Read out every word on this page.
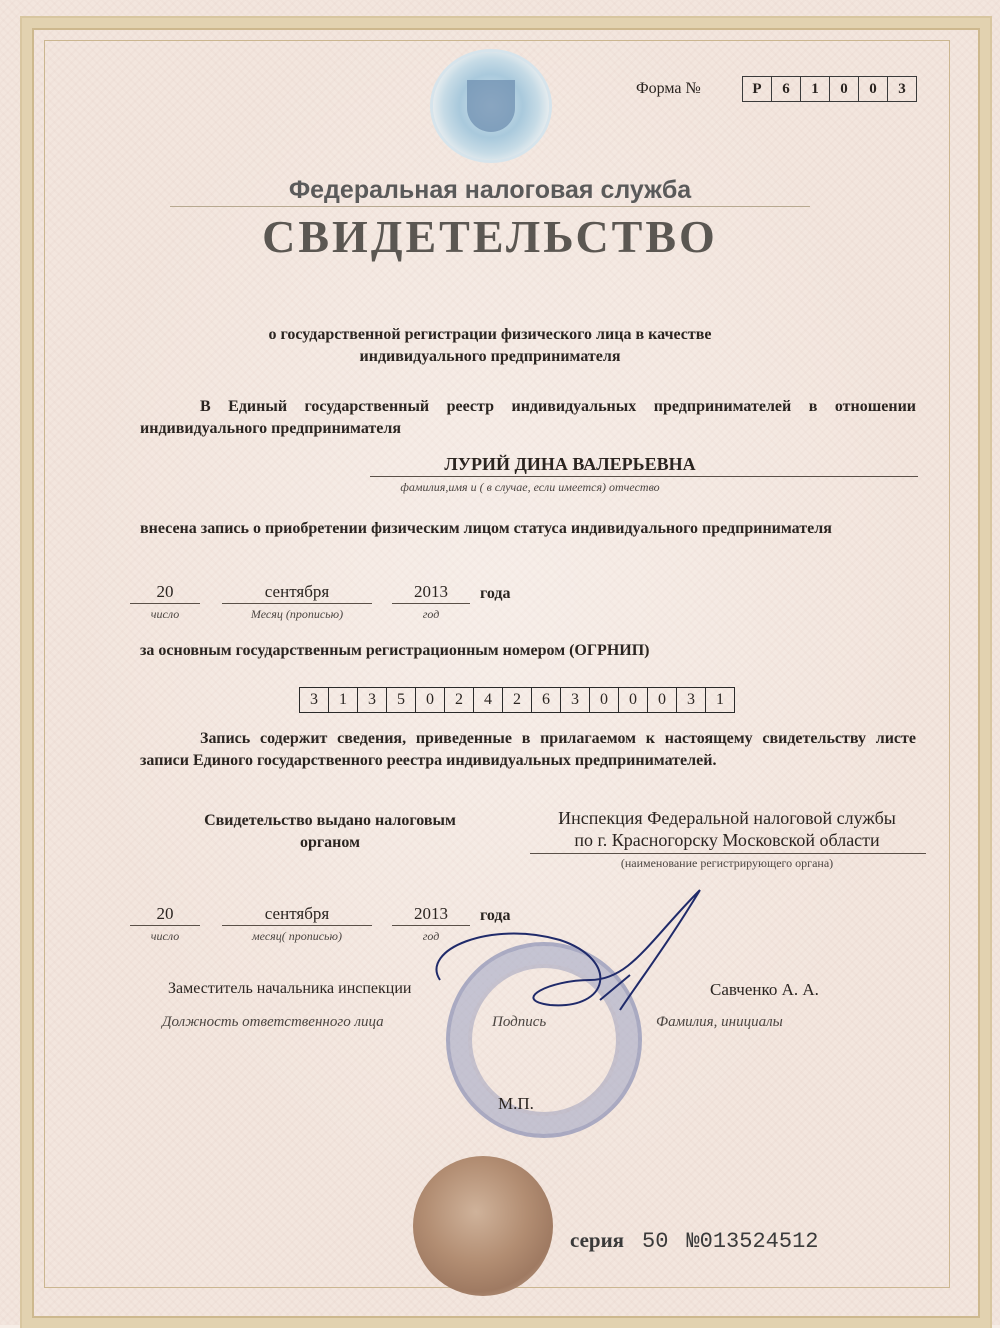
Форма №	Р	6	1	0	0	3
Федеральная налоговая служба
СВИДЕТЕЛЬСТВО
о государственной регистрации физического лица в качестве
индивидуального предпринимателя
В Единый государственный реестр индивидуальных предпринимателей в отношении индивидуального предпринимателя
ЛУРИЙ ДИНА ВАЛЕРЬЕВНА
фамилия,имя и ( в случае, если имеется) отчество
внесена запись о приобретении физическим лицом статуса индивидуального предпринимателя
20
число
сентября
Месяц (прописью)
2013
год
года
за основным государственным регистрационным номером (ОГРНИП)
3	1	3	5	0	2	4	2	6	3	0	0	0	3	1
Запись содержит сведения, приведенные в прилагаемом к настоящему свидетельству листе записи Единого государственного реестра индивидуальных предпринимателей.
Свидетельство выдано налоговым
органом
Инспекция Федеральной налоговой службы
по г. Красногорску Московской области
(наименование регистрирующего органа)
20
число
сентября
месяц( прописью)
2013
год
года
Заместитель начальника инспекции
Должность ответственного лица	Подпись
Савченко А. А.
Фамилия, инициалы
М.П.
серия 50 №013524512
